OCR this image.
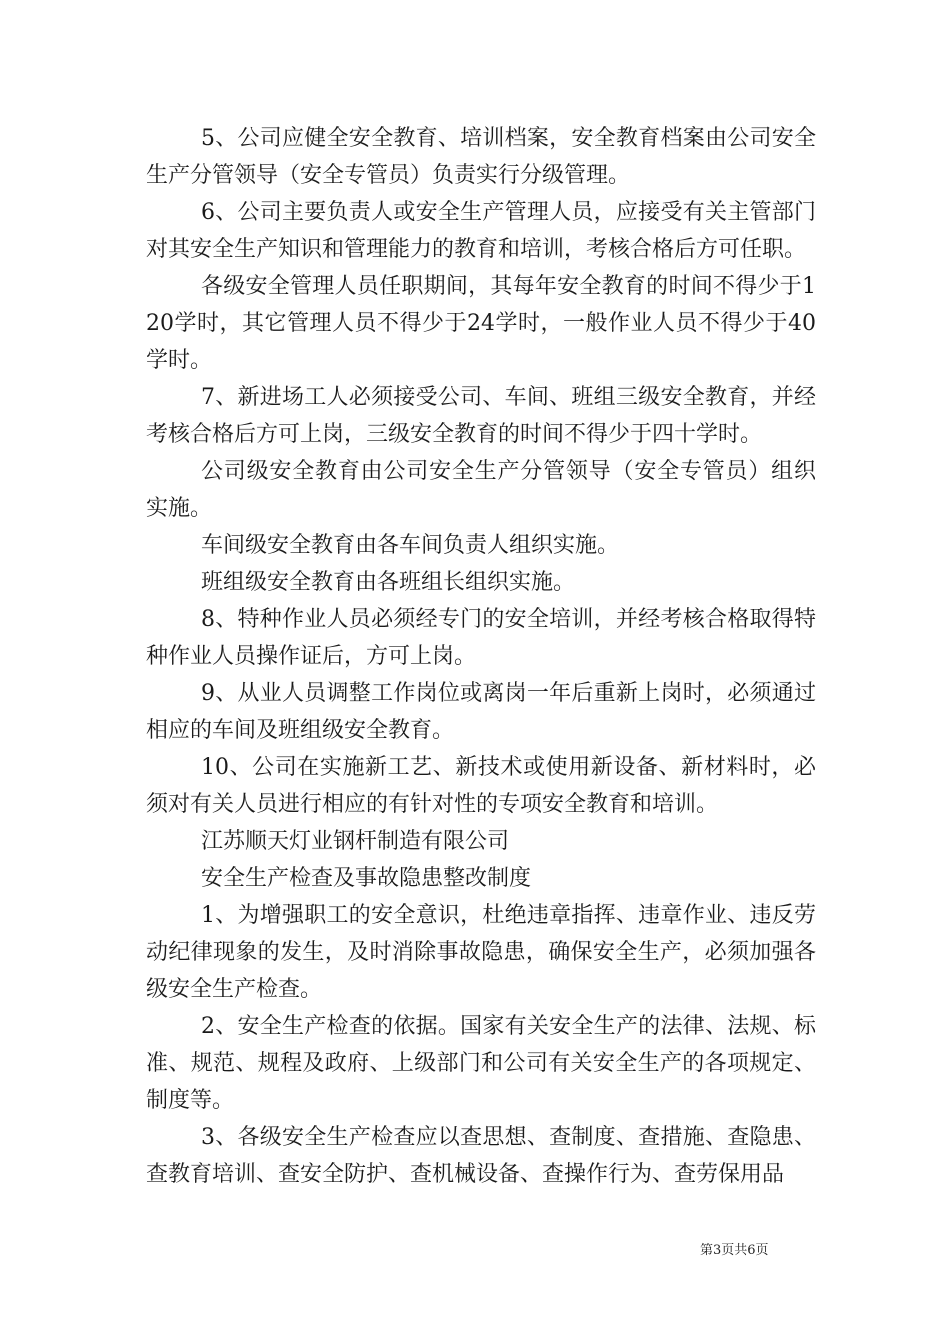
5、公司应健全安全教育、培训档案，安全教育档案由公司安全生产分管领导（安全专管员）负责实行分级管理。

6、公司主要负责人或安全生产管理人员，应接受有关主管部门对其安全生产知识和管理能力的教育和培训，考核合格后方可任职。

各级安全管理人员任职期间，其每年安全教育的时间不得少于120学时，其它管理人员不得少于24学时，一般作业人员不得少于40学时。

7、新进场工人必须接受公司、车间、班组三级安全教育，并经考核合格后方可上岗，三级安全教育的时间不得少于四十学时。

公司级安全教育由公司安全生产分管领导（安全专管员）组织实施。

车间级安全教育由各车间负责人组织实施。

班组级安全教育由各班组长组织实施。

8、特种作业人员必须经专门的安全培训，并经考核合格取得特种作业人员操作证后，方可上岗。

9、从业人员调整工作岗位或离岗一年后重新上岗时，必须通过相应的车间及班组级安全教育。

10、公司在实施新工艺、新技术或使用新设备、新材料时，必须对有关人员进行相应的有针对性的专项安全教育和培训。

江苏顺天灯业钢杆制造有限公司

安全生产检查及事故隐患整改制度

1、为增强职工的安全意识，杜绝违章指挥、违章作业、违反劳动纪律现象的发生，及时消除事故隐患，确保安全生产，必须加强各级安全生产检查。

2、安全生产检查的依据。国家有关安全生产的法律、法规、标准、规范、规程及政府、上级部门和公司有关安全生产的各项规定、制度等。

3、各级安全生产检查应以查思想、查制度、查措施、查隐患、查教育培训、查安全防护、查机械设备、查操作行为、查劳保用品

第3页共6页
